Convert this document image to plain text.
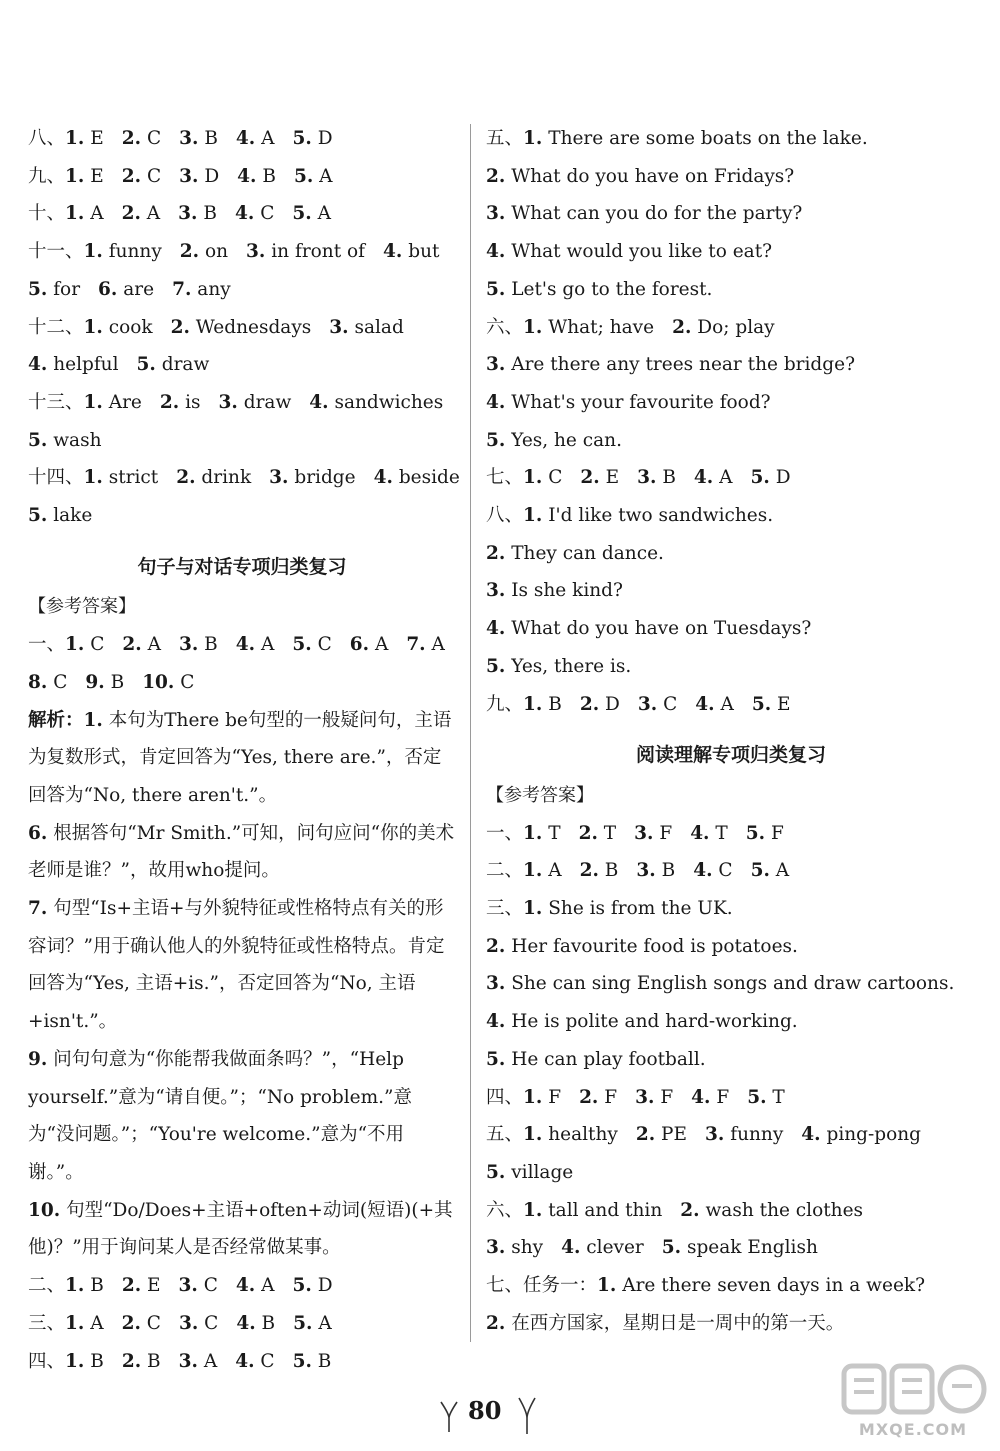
八、1. E 2. C 3. B 4. A 5. D
九、1. E 2. C 3. D 4. B 5. A
十、1. A 2. A 3. B 4. C 5. A
十一、1. funny 2. on 3. in front of 4. but
5. for 6. are 7. any
十二、1. cook 2. Wednesdays 3. salad
4. helpful 5. draw
十三、1. Are 2. is 3. draw 4. sandwiches
5. wash
十四、1. strict 2. drink 3. bridge 4. beside
5. lake
句子与对话专项归类复习
【参考答案】
一、1. C 2. A 3. B 4. A 5. C 6. A 7. A
8. C 9. B 10. C
解析：1. 本句为There be句型的一般疑问句，主语为复数形式，肯定回答为“Yes, there are.”，否定回答为“No, there aren't.”。
6. 根据答句“Mr Smith.”可知，问句应问“你的美术老师是谁？”，故用who提问。
7. 句型“Is+主语+与外貌特征或性格特点有关的形容词？”用于确认他人的外貌特征或性格特点。肯定回答为“Yes, 主语+is.”，否定回答为“No, 主语+isn't.”。
9. 问句句意为“你能帮我做面条吗？”，“Help yourself.”意为“请自便。”；“No problem.”意为“没问题。”；“You're welcome.”意为“不用谢。”。
10. 句型“Do/Does+主语+often+动词(短语)(+其他)？”用于询问某人是否经常做某事。
二、1. B 2. E 3. C 4. A 5. D
三、1. A 2. C 3. C 4. B 5. A
四、1. B 2. B 3. A 4. C 5. B
五、1. There are some boats on the lake.
2. What do you have on Fridays?
3. What can you do for the party?
4. What would you like to eat?
5. Let's go to the forest.
六、1. What; have 2. Do; play
3. Are there any trees near the bridge?
4. What's your favourite food?
5. Yes, he can.
七、1. C 2. E 3. B 4. A 5. D
八、1. I'd like two sandwiches.
2. They can dance.
3. Is she kind?
4. What do you have on Tuesdays?
5. Yes, there is.
九、1. B 2. D 3. C 4. A 5. E
阅读理解专项归类复习
【参考答案】
一、1. T 2. T 3. F 4. T 5. F
二、1. A 2. B 3. B 4. C 5. A
三、1. She is from the UK.
2. Her favourite food is potatoes.
3. She can sing English songs and draw cartoons.
4. He is polite and hard-working.
5. He can play football.
四、1. F 2. F 3. F 4. F 5. T
五、1. healthy 2. PE 3. funny 4. ping-pong
5. village
六、1. tall and thin 2. wash the clothes
3. shy 4. clever 5. speak English
七、任务一：1. Are there seven days in a week?
2. 在西方国家，星期日是一周中的第一天。
80
MXQE.COM
